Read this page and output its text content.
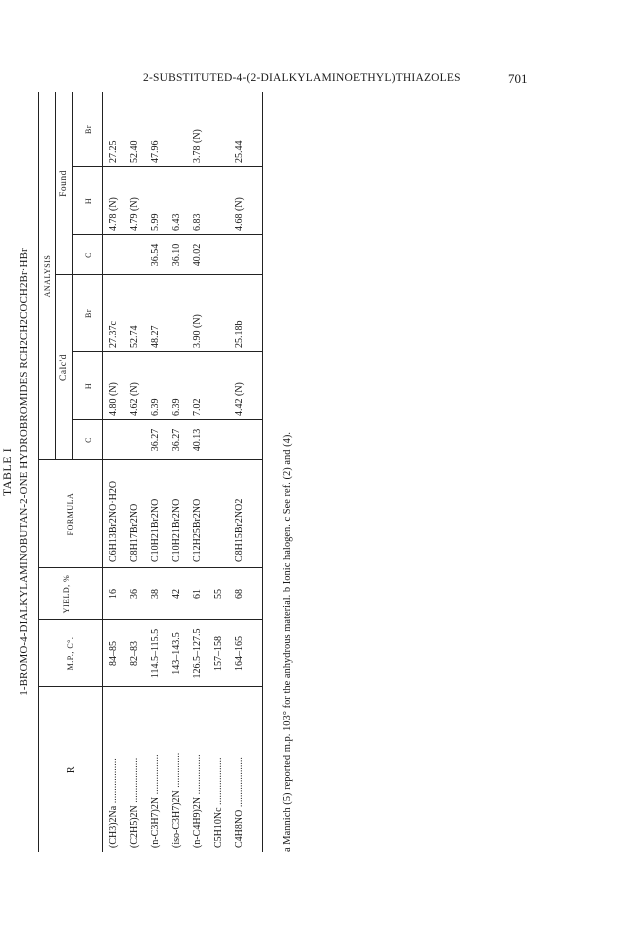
2-SUBSTITUTED-4-(2-DIALKYLAMINOETHYL)THIAZOLES	701
TABLE I 1-BROMO-4-DIALKYLAMINOBUTAN-2-ONE HYDROBROMIDES RCH2CH2COCH2Br·HBr
R
M.P., C°.
YIELD, %
FORMULA
ANALYSIS
Calc'd
Found
C
H
Br
C
H
Br
(CH3)2Na ..................
84–85
16
C6H13Br2NO·H2O
4.80 (N)
27.37c
4.78 (N)
27.25
(C2H5)2N ..................
82–83
36
C8H17Br2NO
4.62 (N)
52.74
4.79 (N)
52.40
(n-C3H7)2N ................
114.5–115.5
38
C10H21Br2NO
36.27
6.39
48.27
36.54
5.99
47.96
(iso-C3H7)2N ..............
143–143.5
42
C10H21Br2NO
36.27
6.39
36.10
6.43
(n-C4H9)2N ................
126.5–127.5
61
C12H25Br2NO
40.13
7.02
3.90 (N)
40.02
6.83
3.78 (N)
C5H10Nc ...................
157–158
55
C4H8NO ....................
164–165
68
C8H15Br2NO2
4.42 (N)
25.18b
4.68 (N)
25.44
a Mannich (5) reported m.p. 103° for the anhydrous material. b Ionic halogen. c See ref. (2) and (4).
